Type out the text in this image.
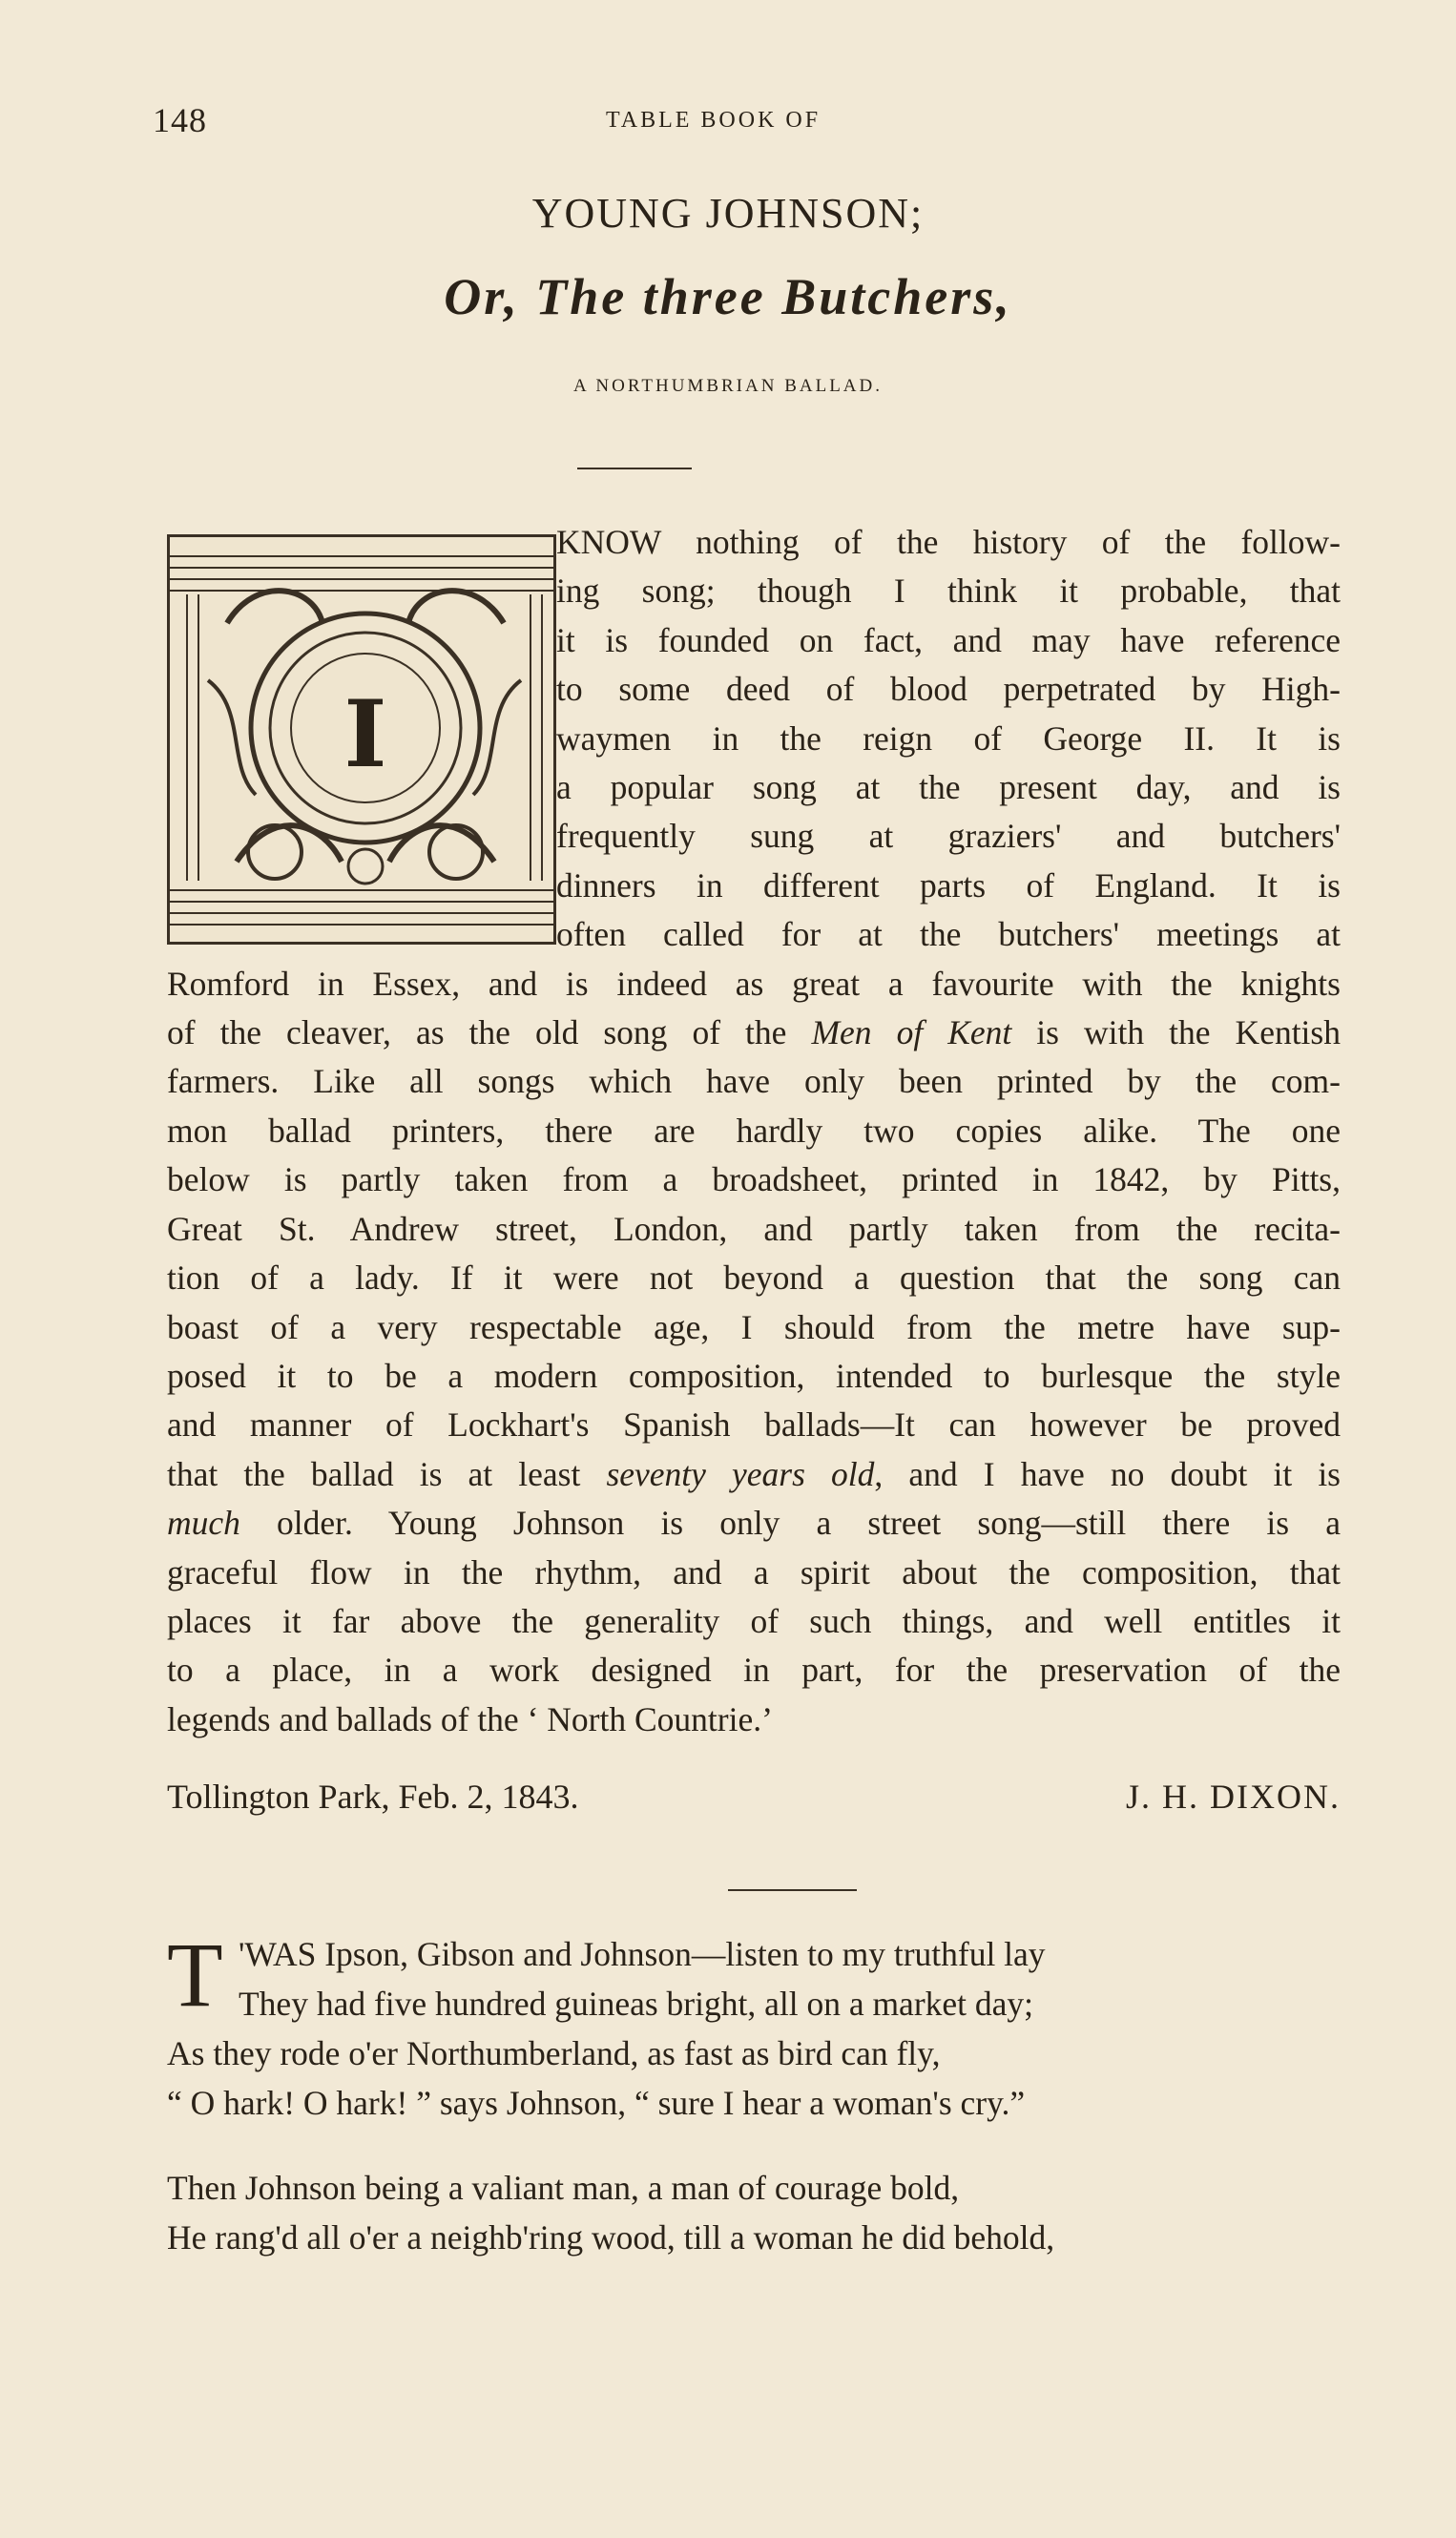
148	TABLE BOOK OF
YOUNG JOHNSON;
Or, The three Butchers,
A NORTHUMBRIAN BALLAD.
I
KNOW nothing of the history of the follow-
ing song; though I think it probable, that
it is founded on fact, and may have reference
to some deed of blood perpetrated by High-
waymen in the reign of George II. It is
a popular song at the present day, and is
frequently sung at graziers' and butchers'
dinners in different parts of England. It is
often called for at the butchers' meetings at
Romford in Essex, and is indeed as great a favourite with the knights
of the cleaver, as the old song of the Men of Kent is with the Kentish
farmers. Like all songs which have only been printed by the com-
mon ballad printers, there are hardly two copies alike. The one
below is partly taken from a broadsheet, printed in 1842, by Pitts,
Great St. Andrew street, London, and partly taken from the recita-
tion of a lady. If it were not beyond a question that the song can
boast of a very respectable age, I should from the metre have sup-
posed it to be a modern composition, intended to burlesque the style
and manner of Lockhart's Spanish ballads—It can however be proved
that the ballad is at least seventy years old, and I have no doubt it is
much older. Young Johnson is only a street song—still there is a
graceful flow in the rhythm, and a spirit about the composition, that
places it far above the generality of such things, and well entitles it
to a place, in a work designed in part, for the preservation of the
legends and ballads of the ‘ North Countrie.’
Tollington Park, Feb. 2, 1843.	J. H. DIXON.
T 'WAS Ipson, Gibson and Johnson—listen to my truthful lay
They had five hundred guineas bright, all on a market day;
As they rode o'er Northumberland, as fast as bird can fly,
“ O hark! O hark! ” says Johnson, “ sure I hear a woman's cry.”
Then Johnson being a valiant man, a man of courage bold,
He rang'd all o'er a neighb'ring wood, till a woman he did behold,
